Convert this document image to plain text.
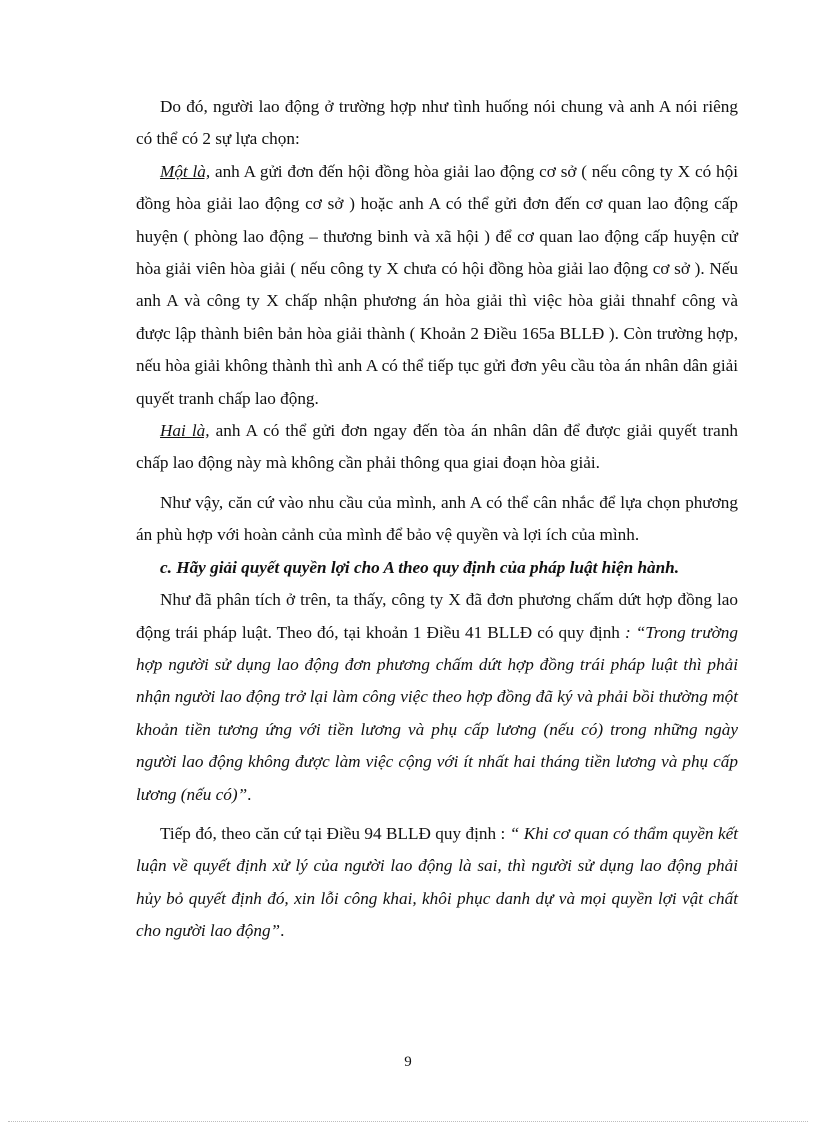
Do đó, người lao động ở trường hợp như tình huống nói chung và anh A nói riêng có thể có 2 sự lựa chọn:

Một là, anh A gửi đơn đến hội đồng hòa giải lao động cơ sở ( nếu công ty X có hội đồng hòa giải lao động cơ sở ) hoặc anh A có thể gửi đơn đến cơ quan lao động cấp huyện ( phòng lao động – thương binh và xã hội ) để cơ quan lao động cấp huyện cử hòa giải viên hòa giải ( nếu công ty X chưa có hội đồng hòa giải lao động cơ sở ). Nếu anh A và công ty X chấp nhận phương án hòa giải thì việc hòa giải thnahf công và được lập thành biên bản hòa giải thành ( Khoản 2 Điều 165a BLLĐ ). Còn trường hợp, nếu hòa giải không thành thì anh A có thể tiếp tục gửi đơn yêu cầu tòa án nhân dân giải quyết tranh chấp lao động.

Hai là, anh A có thể gửi đơn ngay đến tòa án nhân dân để được giải quyết tranh chấp lao động này mà không cần phải thông qua giai đoạn hòa giải.

Như vậy, căn cứ vào nhu cầu của mình, anh A có thể cân nhắc để lựa chọn phương án phù hợp với hoàn cảnh của mình để bảo vệ quyền và lợi ích của mình.

c. Hãy giải quyết quyền lợi cho A theo quy định của pháp luật hiện hành.

Như đã phân tích ở trên, ta thấy, công ty X đã đơn phương chấm dứt hợp đồng lao động trái pháp luật. Theo đó, tại khoản 1 Điều 41 BLLĐ có quy định : “Trong trường hợp người sử dụng lao động đơn phương chấm dứt hợp đồng trái pháp luật thì phải nhận người lao động trở lại làm công việc theo hợp đồng đã ký và phải bồi thường một khoản tiền tương ứng với tiền lương và phụ cấp lương (nếu có) trong những ngày người lao động không được làm việc cộng với ít nhất hai tháng tiền lương và phụ cấp lương (nếu có)”.

Tiếp đó, theo căn cứ tại Điều 94 BLLĐ quy định : “ Khi cơ quan có thẩm quyền kết luận về quyết định xử lý của người lao động là sai, thì người sử dụng lao động phải hủy bỏ quyết định đó, xin lỗi công khai, khôi phục danh dự và mọi quyền lợi vật chất cho người lao động”.

9
